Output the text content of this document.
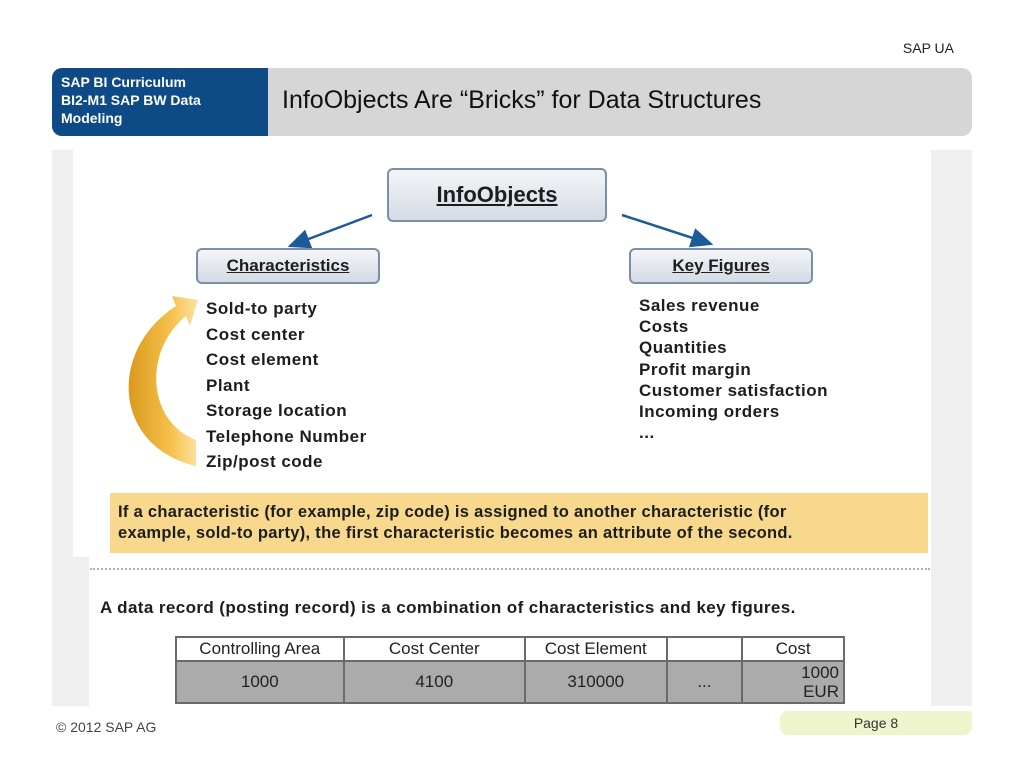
SAP UA
SAP BI Curriculum
BI2-M1 SAP BW Data
Modeling
InfoObjects Are “Bricks” for Data Structures
InfoObjects
Characteristics	Key Figures
Sold-to party
Cost center
Cost element
Plant
Storage location
Telephone Number
Zip/post code
Sales revenue
Costs
Quantities
Profit margin
Customer satisfaction
Incoming orders
...
If a characteristic (for example, zip code) is assigned to another characteristic (for
example, sold-to party), the first characteristic becomes an attribute of the second.
A data record (posting record) is a combination of characteristics and key figures.
Controlling Area	Cost Center	Cost Element		Cost
1000	4100	310000	...	1000
EUR
© 2012 SAP AG	Page 8
